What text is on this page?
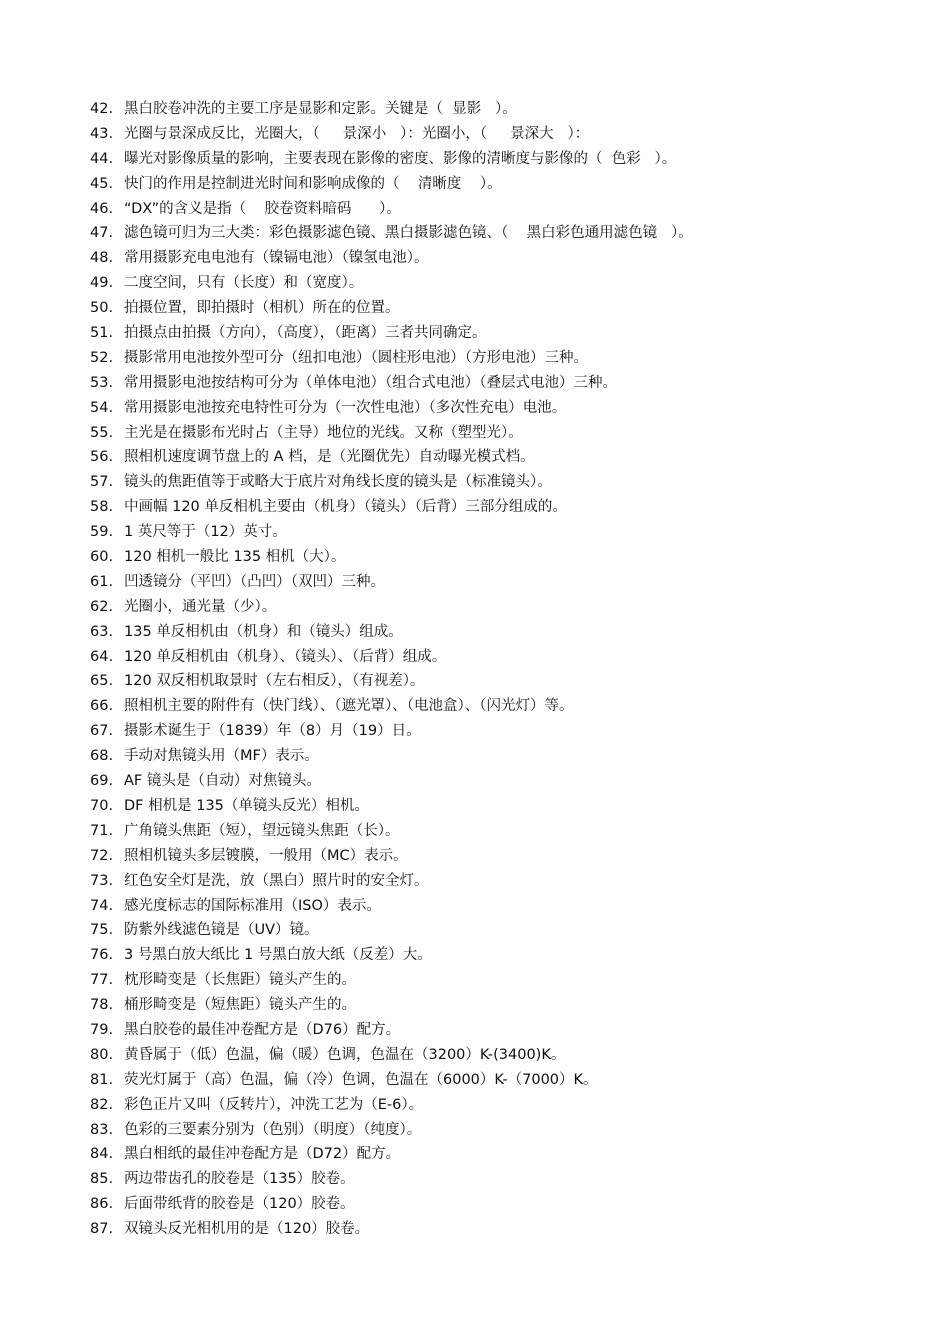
42. 黑白胶卷冲洗的主要工序是显影和定影。关键是（  显影   ）。
43. 光圈与景深成反比，光圈大，（     景深小   ）：光圈小，（     景深大   ）：
44. 曝光对影像质量的影响，主要表现在影像的密度、影像的清晰度与影像的（  色彩   ）。
45. 快门的作用是控制进光时间和影响成像的（    清晰度    ）。
46. “DX”的含义是指（    胶卷资料暗码      ）。
47. 滤色镜可归为三大类：彩色摄影滤色镜、黑白摄影滤色镜、（    黑白彩色通用滤色镜   ）。
48. 常用摄影充电电池有（镍镉电池）（镍氢电池）。
49. 二度空间，只有（长度）和（宽度）。
50. 拍摄位置，即拍摄时（相机）所在的位置。
51. 拍摄点由拍摄（方向），（高度），（距离）三者共同确定。
52. 摄影常用电池按外型可分（纽扣电池）（圆柱形电池）（方形电池）三种。
53. 常用摄影电池按结构可分为（单体电池）（组合式电池）（叠层式电池）三种。
54. 常用摄影电池按充电特性可分为（一次性电池）（多次性充电）电池。
55. 主光是在摄影布光时占（主导）地位的光线。又称（塑型光）。
56. 照相机速度调节盘上的 A 档，是（光圈优先）自动曝光模式档。
57. 镜头的焦距值等于或略大于底片对角线长度的镜头是（标准镜头）。
58. 中画幅 120 单反相机主要由（机身）（镜头）（后背）三部分组成的。
59. 1 英尺等于（12）英寸。
60. 120 相机一般比 135 相机（大）。
61. 凹透镜分（平凹）（凸凹）（双凹）三种。
62. 光圈小，通光量（少）。
63. 135 单反相机由（机身）和（镜头）组成。
64. 120 单反相机由（机身）、（镜头）、（后背）组成。
65. 120 双反相机取景时（左右相反），（有视差）。
66. 照相机主要的附件有（快门线）、（遮光罩）、（电池盒）、（闪光灯）等。
67. 摄影术诞生于（1839）年（8）月（19）日。
68. 手动对焦镜头用（MF）表示。
69. AF 镜头是（自动）对焦镜头。
70. DF 相机是 135（单镜头反光）相机。
71. 广角镜头焦距（短），望远镜头焦距（长）。
72. 照相机镜头多层镀膜，一般用（MC）表示。
73. 红色安全灯是洗，放（黑白）照片时的安全灯。
74. 感光度标志的国际标准用（ISO）表示。
75. 防紫外线滤色镜是（UV）镜。
76. 3 号黑白放大纸比 1 号黑白放大纸（反差）大。
77. 枕形畸变是（长焦距）镜头产生的。
78. 桶形畸变是（短焦距）镜头产生的。
79. 黑白胶卷的最佳冲卷配方是（D76）配方。
80. 黄昏属于（低）色温，偏（暖）色调，色温在（3200）K-(3400)K。
81. 荧光灯属于（高）色温，偏（冷）色调，色温在（6000）K-（7000）K。
82. 彩色正片又叫（反转片），冲洗工艺为（E-6）。
83. 色彩的三要素分别为（色别）（明度）（纯度）。
84. 黑白相纸的最佳冲卷配方是（D72）配方。
85. 两边带齿孔的胶卷是（135）胶卷。
86. 后面带纸背的胶卷是（120）胶卷。
87. 双镜头反光相机用的是（120）胶卷。
